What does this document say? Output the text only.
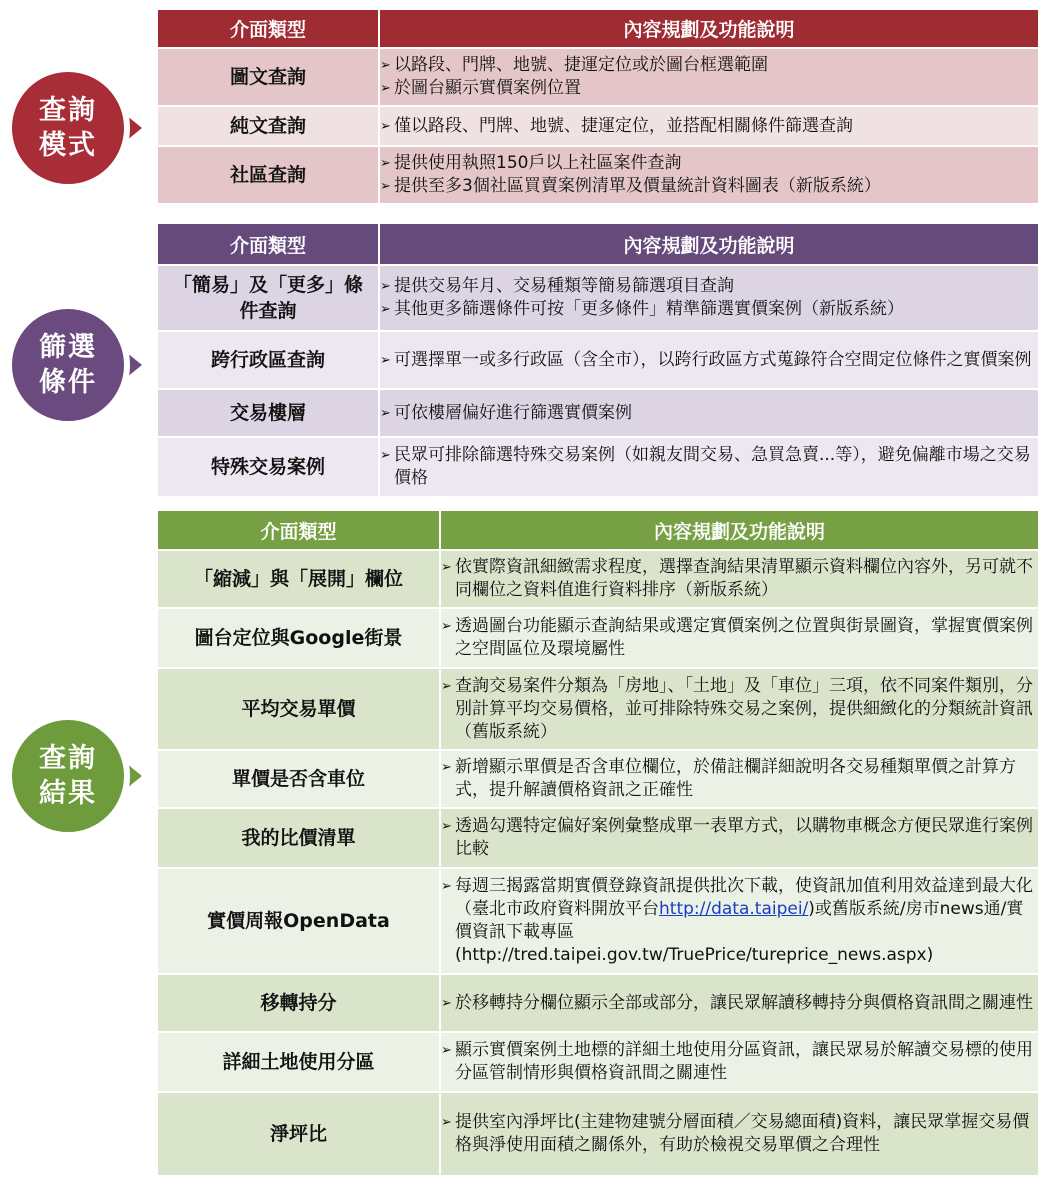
介面類型	內容規劃及功能說明
圖文查詢	➢ 以路段、門牌、地號、捷運定位或於圖台框選範圍
➢ 於圖台顯示實價案例位置

純文查詢	➢ 僅以路段、門牌、地號、捷運定位，並搭配相關條件篩選查詢

社區查詢	➢ 提供使用執照150戶以上社區案件查詢
➢ 提供至多3個社區買賣案例清單及價量統計資料圖表（新版系統）
查詢
模式
介面類型	內容規劃及功能說明

「簡易」及「更多」條件查詢	➢ 提供交易年月、交易種類等簡易篩選項目查詢
➢ 其他更多篩選條件可按「更多條件」精準篩選實價案例（新版系統）

跨行政區查詢	➢ 可選擇單一或多行政區（含全市），以跨行政區方式蒐錄符合空間定位條件之實價案例

交易樓層	➢ 可依樓層偏好進行篩選實價案例

特殊交易案例	➢ 民眾可排除篩選特殊交易案例（如親友間交易、急買急賣...等），避免偏離市場之交易價格
篩選
條件
介面類型	內容規劃及功能說明
「縮減」與「展開」欄位	➢ 依實際資訊細緻需求程度，選擇查詢結果清單顯示資料欄位內容外，另可就不同欄位之資料值進行資料排序（新版系統）

圖台定位與Google街景	➢ 透過圖台功能顯示查詢結果或選定實價案例之位置與街景圖資，掌握實價案例之空間區位及環境屬性

平均交易單價	➢ 查詢交易案件分類為「房地」、「土地」及「車位」三項，依不同案件類別，分別計算平均交易價格，並可排除特殊交易之案例，提供細緻化的分類統計資訊（舊版系統）

單價是否含車位	➢ 新增顯示單價是否含車位欄位，於備註欄詳細說明各交易種類單價之計算方式，提升解讀價格資訊之正確性

我的比價清單	➢ 透過勾選特定偏好案例彙整成單一表單方式，以購物車概念方便民眾進行案例比較

實價周報OpenData	➢ 每週三揭露當期實價登錄資訊提供批次下載，使資訊加值利用效益達到最大化（臺北市政府資料開放平台http://data.taipei/)或舊版系統/房市news通/實價資訊下載專區(http://tred.taipei.gov.tw/TruePrice/tureprice_news.aspx)

移轉持分	➢ 於移轉持分欄位顯示全部或部分，讓民眾解讀移轉持分與價格資訊間之關連性

詳細土地使用分區	➢ 顯示實價案例土地標的詳細土地使用分區資訊，讓民眾易於解讀交易標的使用分區管制情形與價格資訊間之關連性

淨坪比	➢ 提供室內淨坪比(主建物建號分層面積／交易總面積)資料，讓民眾掌握交易價格與淨使用面積之關係外，有助於檢視交易單價之合理性
查詢
結果
